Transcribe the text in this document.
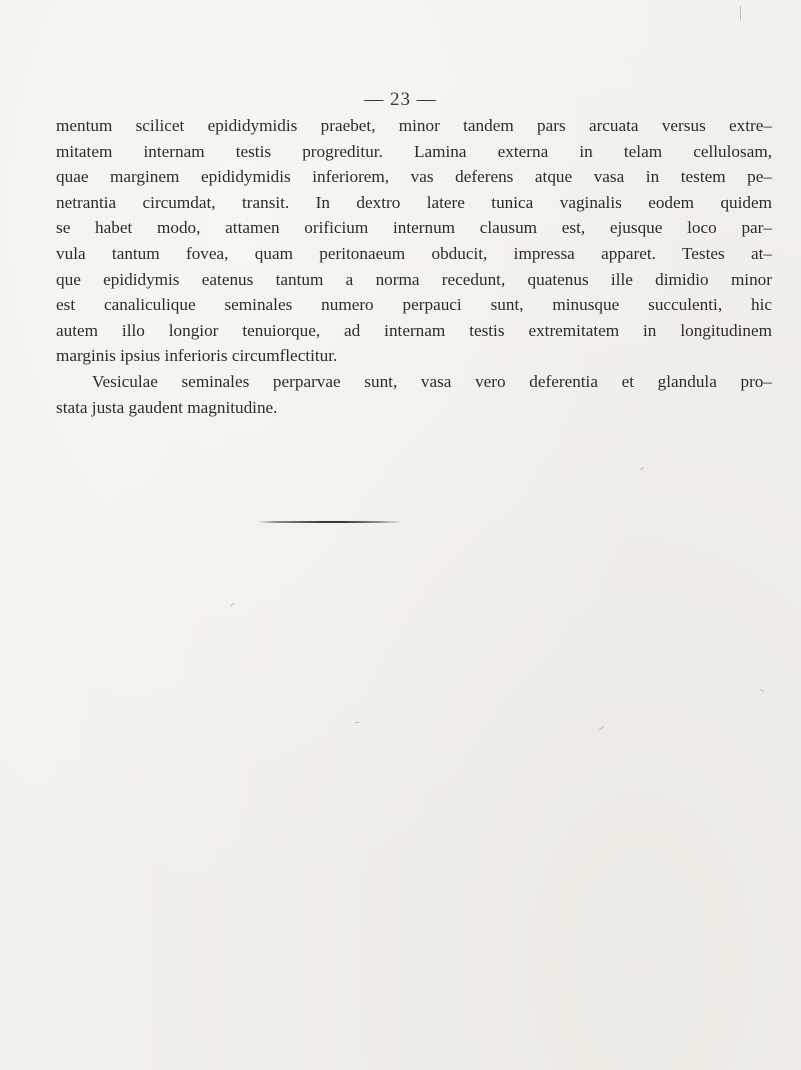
— 23 —
mentum scilicet epididymidis praebet, minor tandem pars arcuata versus extre–
mitatem internam testis progreditur. Lamina externa in telam cellulosam,
quae marginem epididymidis inferiorem, vas deferens atque vasa in testem pe–
netrantia circumdat, transit. In dextro latere tunica vaginalis eodem quidem
se habet modo, attamen orificium internum clausum est, ejusque loco par–
vula tantum fovea, quam peritonaeum obducit, impressa apparet. Testes at–
que epididymis eatenus tantum a norma recedunt, quatenus ille dimidio minor
est canaliculique seminales numero perpauci sunt, minusque succulenti, hic
autem illo longior tenuiorque, ad internam testis extremitatem in longitudinem
marginis ipsius inferioris circumflectitur.
Vesiculae seminales perparvae sunt, vasa vero deferentia et glandula pro–
stata justa gaudent magnitudine.
